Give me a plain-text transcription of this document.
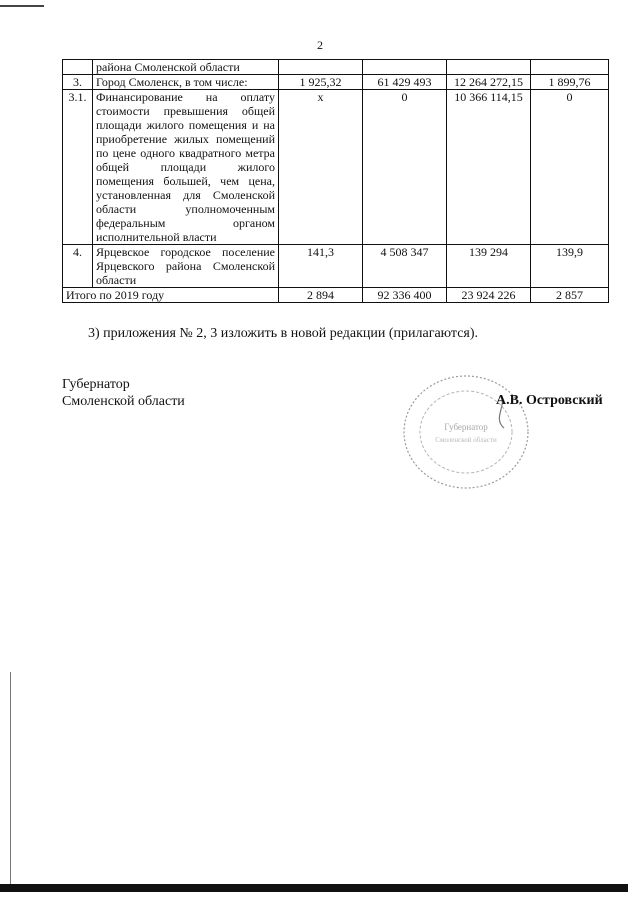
2
	района Смоленской области				
3.	Город Смоленск, в том числе:	1 925,32	61 429 493	12 264 272,15	1 899,76
3.1.	Финансирование на оплату стоимости превышения общей площади жилого помещения и на приобретение жилых помещений по цене одного квадратного метра общей площади жилого помещения большей, чем цена, установленная для Смоленской области уполномоченным федеральным органом исполнительной власти	х	0	10 366 114,15	0
4.	Ярцевское городское поселение Ярцевского района Смоленской области	141,3	4 508 347	139 294	139,9
Итого по 2019 году		2 894	92 336 400	23 924 226	2 857
3) приложения № 2, 3 изложить в новой редакции (прилагаются).
Губернатор
Смоленской области
Губернатор
Смоленской области
А.В. Островский
